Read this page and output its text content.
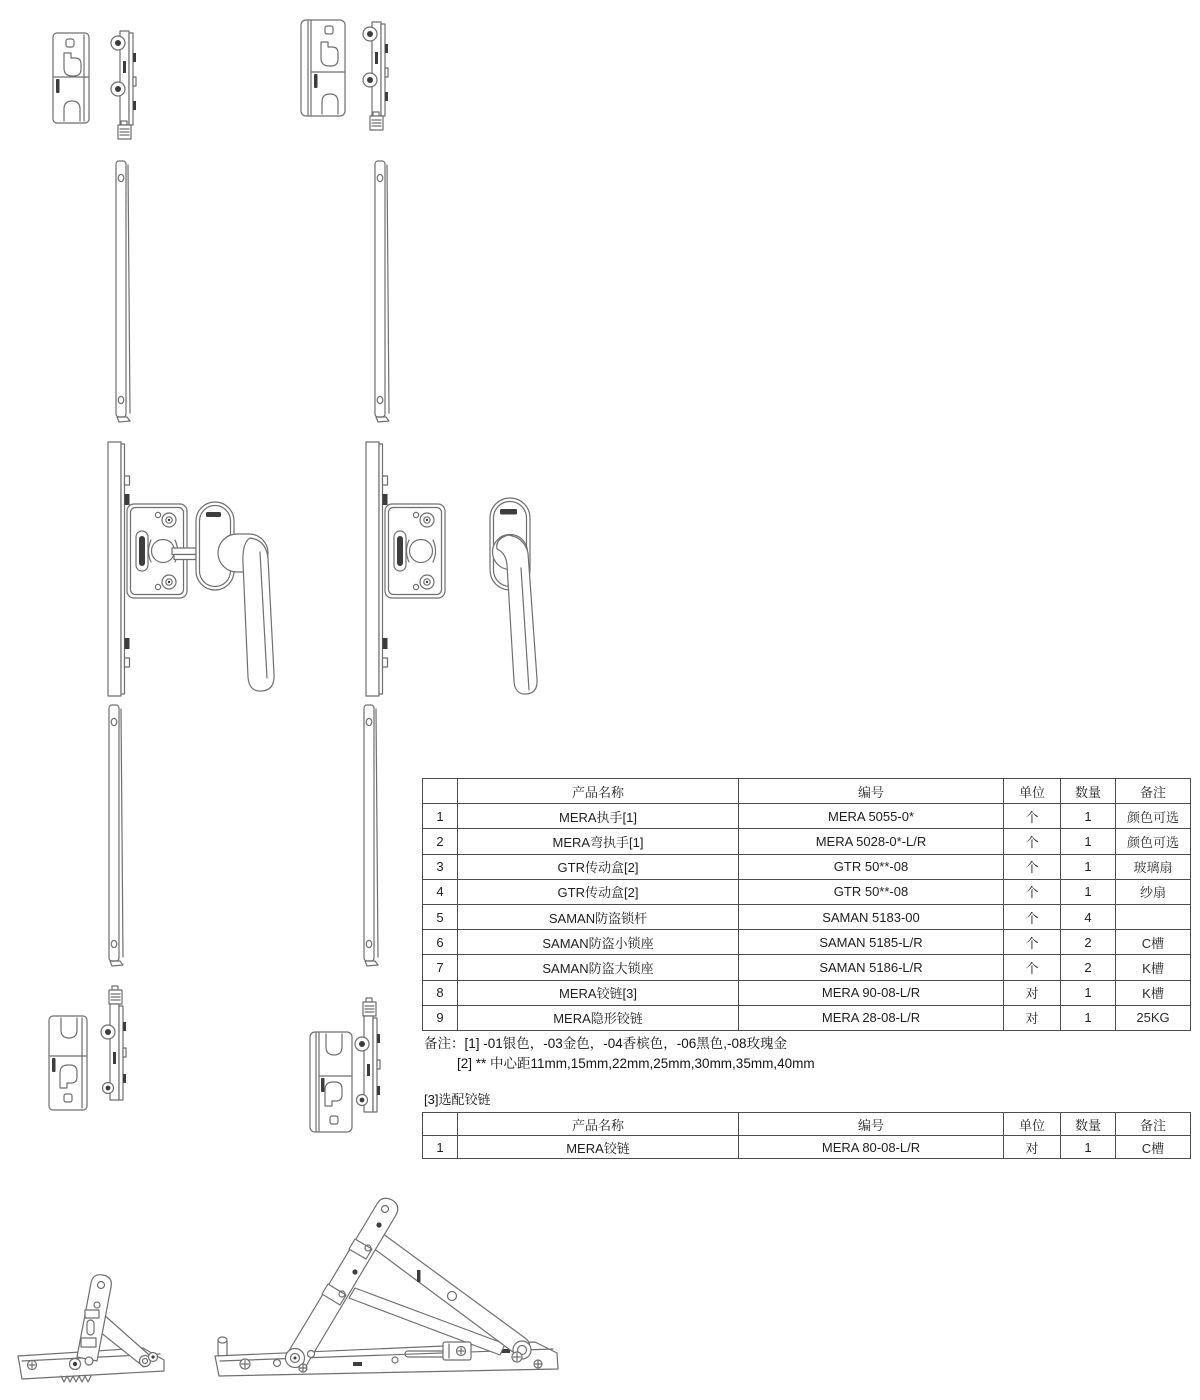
	产品名称	编号	单位	数量	备注
1	MERA执手[1]	MERA 5055-0*	个	1	颜色可选
2	MERA弯执手[1]	MERA 5028-0*-L/R	个	1	颜色可选
3	GTR传动盒[2]	GTR 50**-08	个	1	玻璃扇
4	GTR传动盒[2]	GTR 50**-08	个	1	纱扇
5	SAMAN防盗锁杆	SAMAN 5183-00	个	4	
6	SAMAN防盗小锁座	SAMAN 5185-L/R	个	2	C槽
7	SAMAN防盗大锁座	SAMAN 5186-L/R	个	2	K槽
8	MERA铰链[3]	MERA 90-08-L/R	对	1	K槽
9	MERA隐形铰链	MERA 28-08-L/R	对	1	25KG
备注： [1] -01银色，-03金色，-04香槟色，-06黑色,-08玫瑰金
[2] ** 中心距11mm,15mm,22mm,25mm,30mm,35mm,40mm
[3]选配铰链
	产品名称	编号	单位	数量	备注
1	MERA铰链	MERA 80-08-L/R	对	1	C槽
